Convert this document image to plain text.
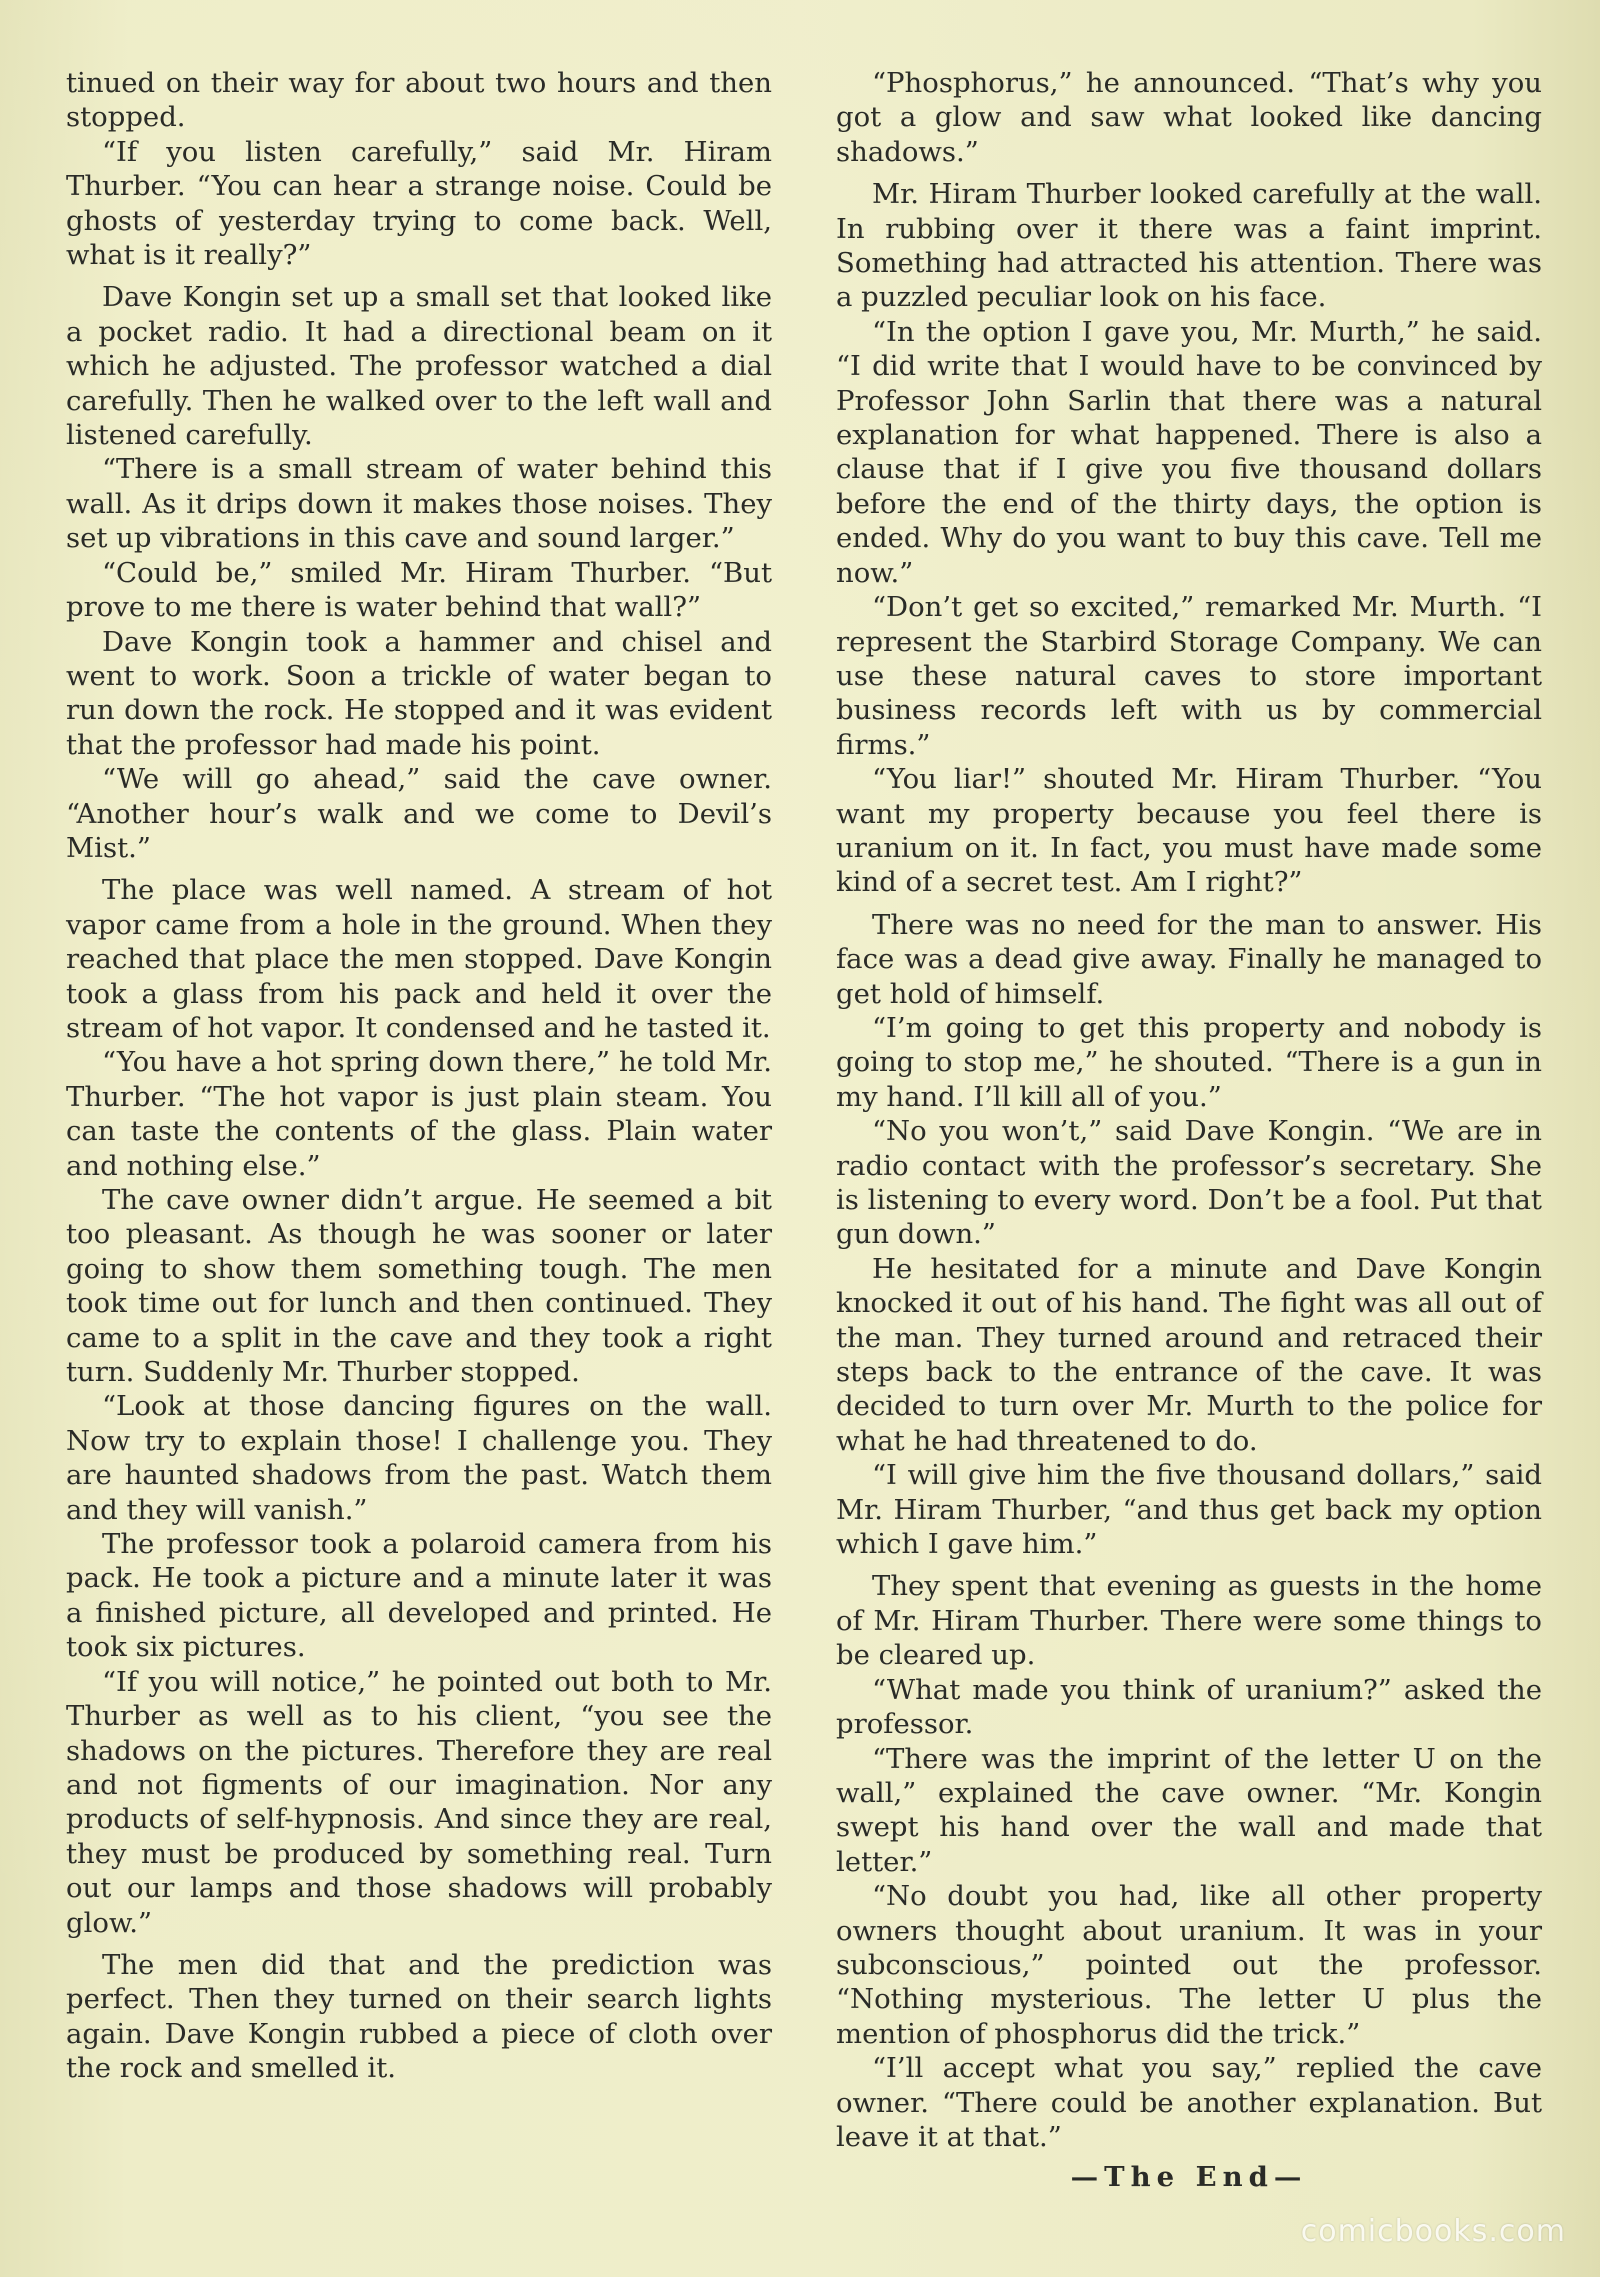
tinued on their way for about two hours and then stopped.

“If you listen carefully,” said Mr. Hiram Thurber. “You can hear a strange noise. Could be ghosts of yesterday trying to come back. Well, what is it really?”

Dave Kongin set up a small set that looked like a pocket radio. It had a directional beam on it which he adjusted. The professor watched a dial carefully. Then he walked over to the left wall and listened carefully.

“There is a small stream of water behind this wall. As it drips down it makes those noises. They set up vibrations in this cave and sound larger.”

“Could be,” smiled Mr. Hiram Thurber. “But prove to me there is water behind that wall?”

Dave Kongin took a hammer and chisel and went to work. Soon a trickle of water began to run down the rock. He stopped and it was evident that the professor had made his point.

“We will go ahead,” said the cave owner. “Another hour’s walk and we come to Devil’s Mist.”

The place was well named. A stream of hot vapor came from a hole in the ground. When they reached that place the men stopped. Dave Kongin took a glass from his pack and held it over the stream of hot vapor. It condensed and he tasted it.

“You have a hot spring down there,” he told Mr. Thurber. “The hot vapor is just plain steam. You can taste the contents of the glass. Plain water and nothing else.”

The cave owner didn’t argue. He seemed a bit too pleasant. As though he was sooner or later going to show them something tough. The men took time out for lunch and then continued. They came to a split in the cave and they took a right turn. Suddenly Mr. Thurber stopped.

“Look at those dancing figures on the wall. Now try to explain those! I challenge you. They are haunted shadows from the past. Watch them and they will vanish.”

The professor took a polaroid camera from his pack. He took a picture and a minute later it was a finished picture, all developed and printed. He took six pictures.

“If you will notice,” he pointed out both to Mr. Thurber as well as to his client, “you see the shadows on the pictures. Therefore they are real and not figments of our imagination. Nor any products of self-hypnosis. And since they are real, they must be produced by something real. Turn out our lamps and those shadows will probably glow.”

The men did that and the prediction was perfect. Then they turned on their search lights again. Dave Kongin rubbed a piece of cloth over the rock and smelled it.

“Phosphorus,” he announced. “That’s why you got a glow and saw what looked like dancing shadows.”

Mr. Hiram Thurber looked carefully at the wall. In rubbing over it there was a faint imprint. Something had attracted his attention. There was a puzzled peculiar look on his face.

“In the option I gave you, Mr. Murth,” he said. “I did write that I would have to be convinced by Professor John Sarlin that there was a natural explanation for what happened. There is also a clause that if I give you five thousand dollars before the end of the thirty days, the option is ended. Why do you want to buy this cave. Tell me now.”

“Don’t get so excited,” remarked Mr. Murth. “I represent the Starbird Storage Company. We can use these natural caves to store important business records left with us by commercial firms.”

“You liar!” shouted Mr. Hiram Thurber. “You want my property because you feel there is uranium on it. In fact, you must have made some kind of a secret test. Am I right?”

There was no need for the man to answer. His face was a dead give away. Finally he managed to get hold of himself.

“I’m going to get this property and nobody is going to stop me,” he shouted. “There is a gun in my hand. I’ll kill all of you.”

“No you won’t,” said Dave Kongin. “We are in radio contact with the professor’s secretary. She is listening to every word. Don’t be a fool. Put that gun down.”

He hesitated for a minute and Dave Kongin knocked it out of his hand. The fight was all out of the man. They turned around and retraced their steps back to the entrance of the cave. It was decided to turn over Mr. Murth to the police for what he had threatened to do.

“I will give him the five thousand dollars,” said Mr. Hiram Thurber, “and thus get back my option which I gave him.”

They spent that evening as guests in the home of Mr. Hiram Thurber. There were some things to be cleared up.

“What made you think of uranium?” asked the professor.

“There was the imprint of the letter U on the wall,” explained the cave owner. “Mr. Kongin swept his hand over the wall and made that letter.”

“No doubt you had, like all other property owners thought about uranium. It was in your subconscious,” pointed out the professor. “Nothing mysterious. The letter U plus the mention of phosphorus did the trick.”

“I’ll accept what you say,” replied the cave owner. “There could be another explanation. But leave it at that.”

—The End—

comicbooks.com
